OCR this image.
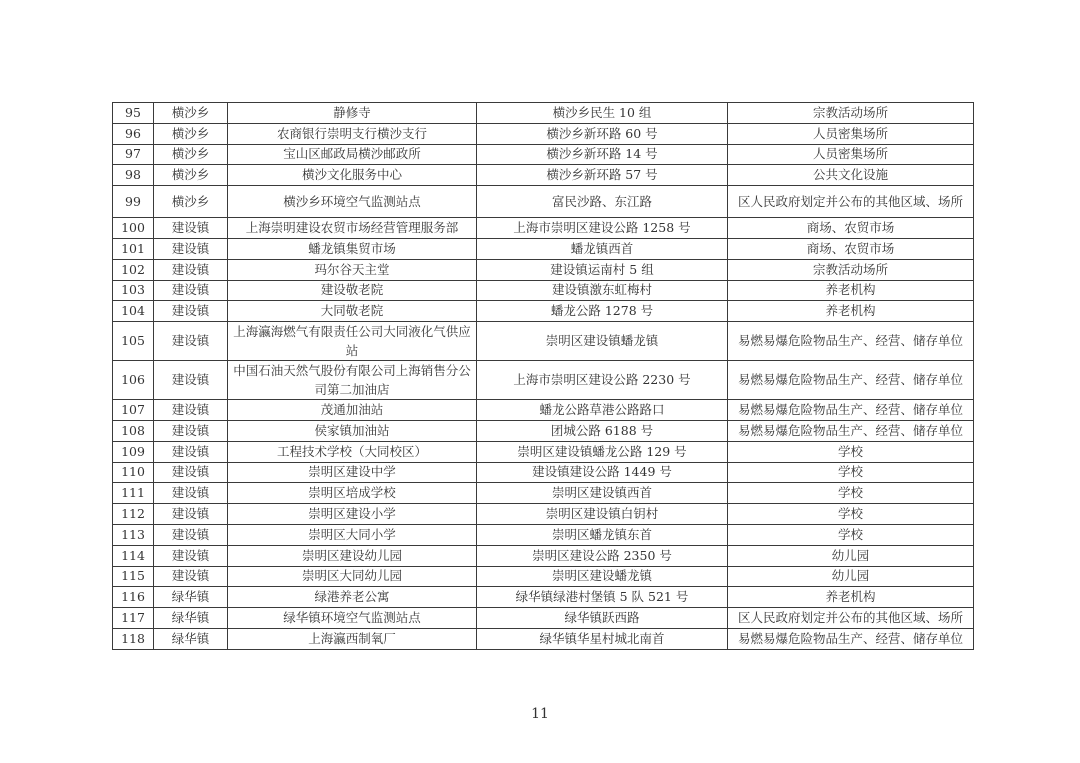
95	横沙乡	静修寺	横沙乡民生 10 组	宗教活动场所
96	横沙乡	农商银行崇明支行横沙支行	横沙乡新环路 60 号	人员密集场所
97	横沙乡	宝山区邮政局横沙邮政所	横沙乡新环路 14 号	人员密集场所
98	横沙乡	横沙文化服务中心	横沙乡新环路 57 号	公共文化设施
99	横沙乡	横沙乡环境空气监测站点	富民沙路、东江路	区人民政府划定并公布的其他区域、场所
100	建设镇	上海崇明建设农贸市场经营管理服务部	上海市崇明区建设公路 1258 号	商场、农贸市场
101	建设镇	蟠龙镇集贸市场	蟠龙镇西首	商场、农贸市场
102	建设镇	玛尔谷天主堂	建设镇运南村 5 组	宗教活动场所
103	建设镇	建设敬老院	建设镇激东虹梅村	养老机构
104	建设镇	大同敬老院	蟠龙公路 1278 号	养老机构
105	建设镇	上海瀛海燃气有限责任公司大同液化气供应站	崇明区建设镇蟠龙镇	易燃易爆危险物品生产、经营、储存单位
106	建设镇	中国石油天然气股份有限公司上海销售分公司第二加油店	上海市崇明区建设公路 2230 号	易燃易爆危险物品生产、经营、储存单位
107	建设镇	茂通加油站	蟠龙公路草港公路路口	易燃易爆危险物品生产、经营、储存单位
108	建设镇	侯家镇加油站	团城公路 6188 号	易燃易爆危险物品生产、经营、储存单位
109	建设镇	工程技术学校（大同校区）	崇明区建设镇蟠龙公路 129 号	学校
110	建设镇	崇明区建设中学	建设镇建设公路 1449 号	学校
111	建设镇	崇明区培成学校	崇明区建设镇西首	学校
112	建设镇	崇明区建设小学	崇明区建设镇白钥村	学校
113	建设镇	崇明区大同小学	崇明区蟠龙镇东首	学校
114	建设镇	崇明区建设幼儿园	崇明区建设公路 2350 号	幼儿园
115	建设镇	崇明区大同幼儿园	崇明区建设蟠龙镇	幼儿园
116	绿华镇	绿港养老公寓	绿华镇绿港村堡镇 5 队 521 号	养老机构
117	绿华镇	绿华镇环境空气监测站点	绿华镇跃西路	区人民政府划定并公布的其他区域、场所
118	绿华镇	上海瀛西制氧厂	绿华镇华星村城北南首	易燃易爆危险物品生产、经营、储存单位
11
